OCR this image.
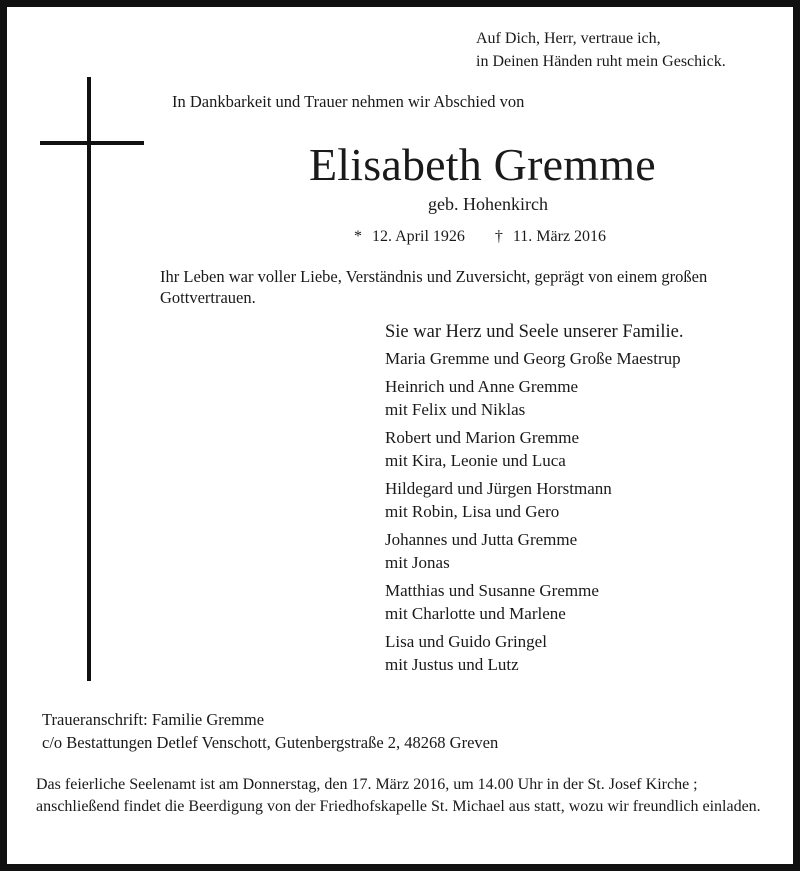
Auf Dich, Herr, vertraue ich,
in Deinen Händen ruht mein Geschick.
In Dankbarkeit und Trauer nehmen wir Abschied von
Elisabeth Gremme
geb. Hohenkirch
* 12. April 1926 † 11. März 2016
Ihr Leben war voller Liebe, Verständnis und Zuversicht, geprägt von einem großen Gottvertrauen.
Sie war Herz und Seele unserer Familie.
Maria Gremme und Georg Große Maestrup
Heinrich und Anne Gremme
mit Felix und Niklas
Robert und Marion Gremme
mit Kira, Leonie und Luca
Hildegard und Jürgen Horstmann
mit Robin, Lisa und Gero
Johannes und Jutta Gremme
mit Jonas
Matthias und Susanne Gremme
mit Charlotte und Marlene
Lisa und Guido Gringel
mit Justus und Lutz
Traueranschrift: Familie Gremme
c/o Bestattungen Detlef Venschott, Gutenbergstraße 2, 48268 Greven
Das feierliche Seelenamt ist am Donnerstag, den 17. März 2016, um 14.00 Uhr in der St. Josef Kirche ; anschließend findet die Beerdigung von der Friedhofskapelle St. Michael aus statt, wozu wir freundlich einladen.
